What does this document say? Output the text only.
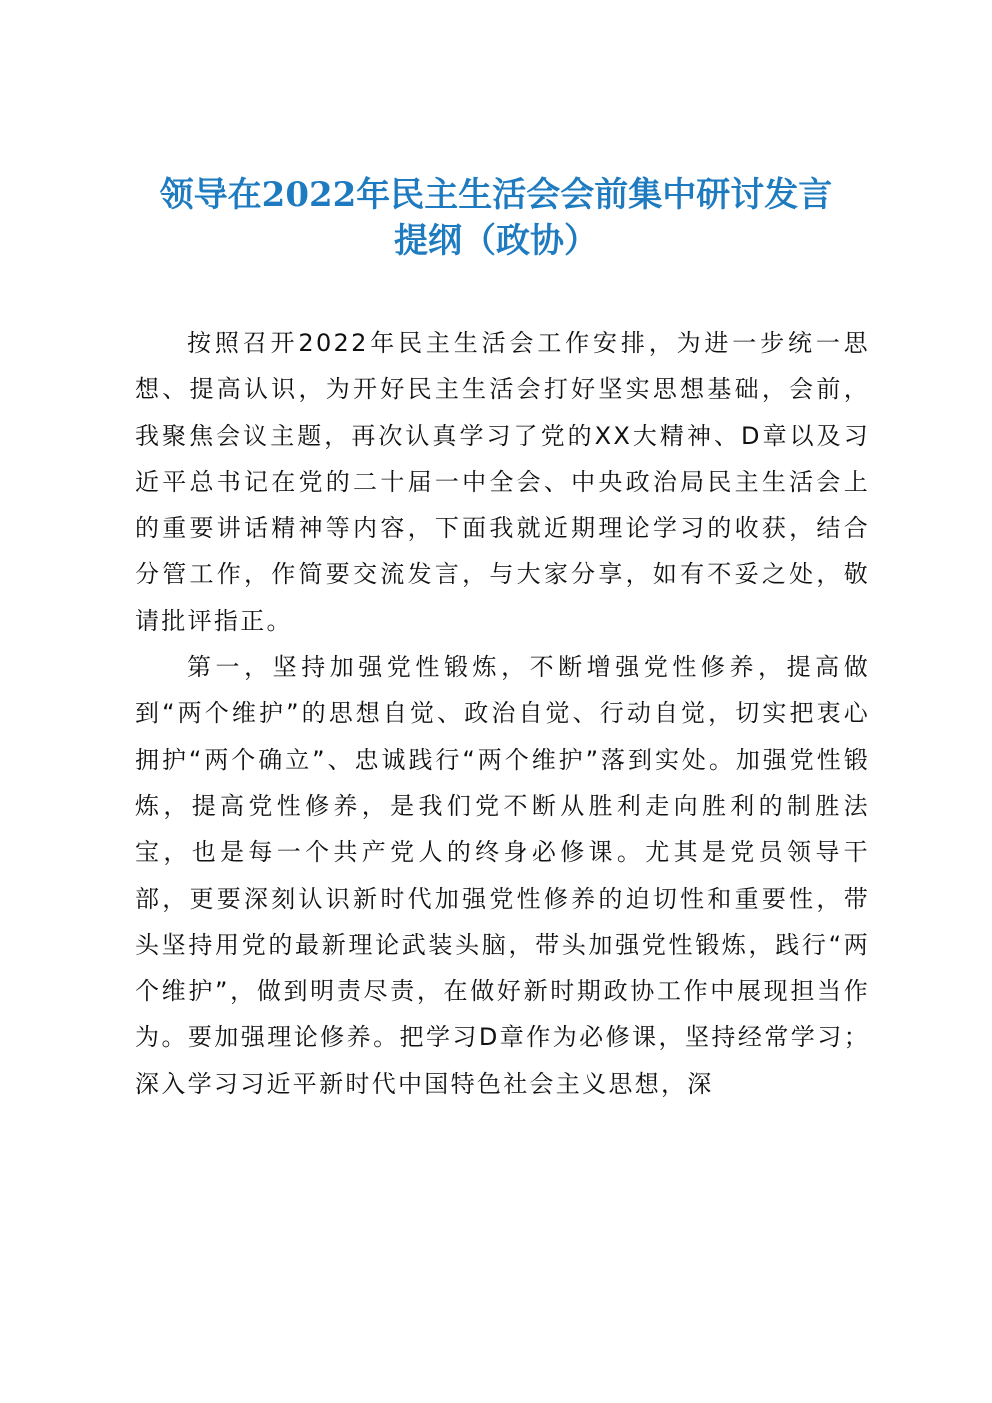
领导在2022年民主生活会会前集中研讨发言
提纲（政协）

按照召开2022年民主生活会工作安排，为进一步统一思想、提高认识，为开好民主生活会打好坚实思想基础，会前，我聚焦会议主题，再次认真学习了党的XX大精神、D章以及习近平总书记在党的二十届一中全会、中央政治局民主生活会上的重要讲话精神等内容，下面我就近期理论学习的收获，结合分管工作，作简要交流发言，与大家分享，如有不妥之处，敬请批评指正。

第一，坚持加强党性锻炼，不断增强党性修养，提高做到“两个维护”的思想自觉、政治自觉、行动自觉，切实把衷心拥护“两个确立”、忠诚践行“两个维护”落到实处。加强党性锻炼，提高党性修养，是我们党不断从胜利走向胜利的制胜法宝，也是每一个共产党人的终身必修课。尤其是党员领导干部，更要深刻认识新时代加强党性修养的迫切性和重要性，带头坚持用党的最新理论武装头脑，带头加强党性锻炼，践行“两个维护”，做到明责尽责，在做好新时期政协工作中展现担当作为。要加强理论修养。把学习D章作为必修课，坚持经常学习；深入学习习近平新时代中国特色社会主义思想，深
